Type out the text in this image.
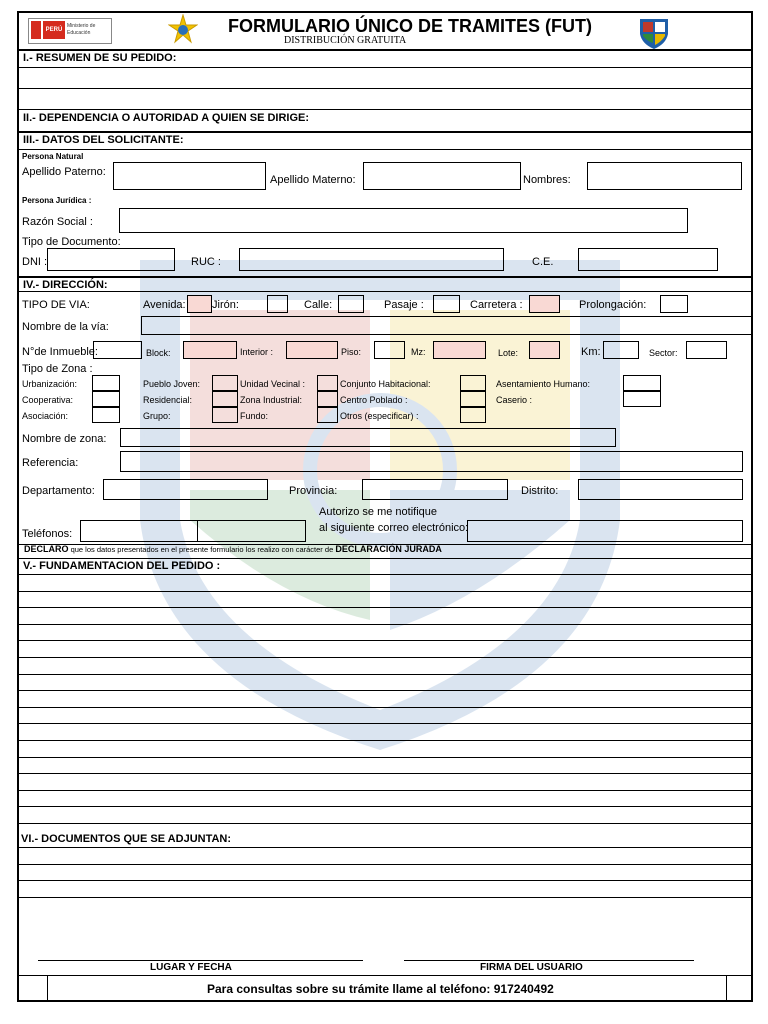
PERÚ
Ministerio de Educación	FORMULARIO ÚNICO DE TRAMITES (FUT)
DISTRIBUCIÓN GRATUITA
I.- RESUMEN DE SU PEDIDO:
II.- DEPENDENCIA O AUTORIDAD A QUIEN SE DIRIGE:
III.- DATOS DEL SOLICITANTE:
Persona Natural
Apellido Paterno:
Apellido Materno:	Nombres:
Persona Jurídica :
Razón Social :
Tipo de Documento:
DNI :	RUC :	C.E.
IV.- DIRECCIÓN:
TIPO DE VIA:	Avenida: Jirón:	Calle:	Pasaje :	Carretera :	Prolongación:
Nombre de la vía:
N°de Inmueble:	Block:	Interior :	Piso:	Mz:	Lote:	Km:	Sector:
Tipo de Zona :
Urbanización:	Pueblo Joven:	Unidad Vecinal :	Conjunto Habitacional:	Asentamiento Humano:
Cooperativa:	Residencial:	Zona Industrial:	Centro Poblado :	Caserio :
Asociación:	Grupo:	Fundo:	Otros (especificar) :
Nombre de zona:
Referencia:
Departamento:	Provincia:	Distrito:
Autorizo se me notifique
al siguiente correo electrónico:
Teléfonos:
DECLARO que los datos presentados en el presente formulario los realizo con carácter de DECLARACIÓN JURADA
V.- FUNDAMENTACION DEL PEDIDO :
VI.- DOCUMENTOS QUE SE ADJUNTAN:
LUGAR Y FECHA	FIRMA DEL USUARIO
Para consultas sobre su trámite llame al teléfono: 917240492
